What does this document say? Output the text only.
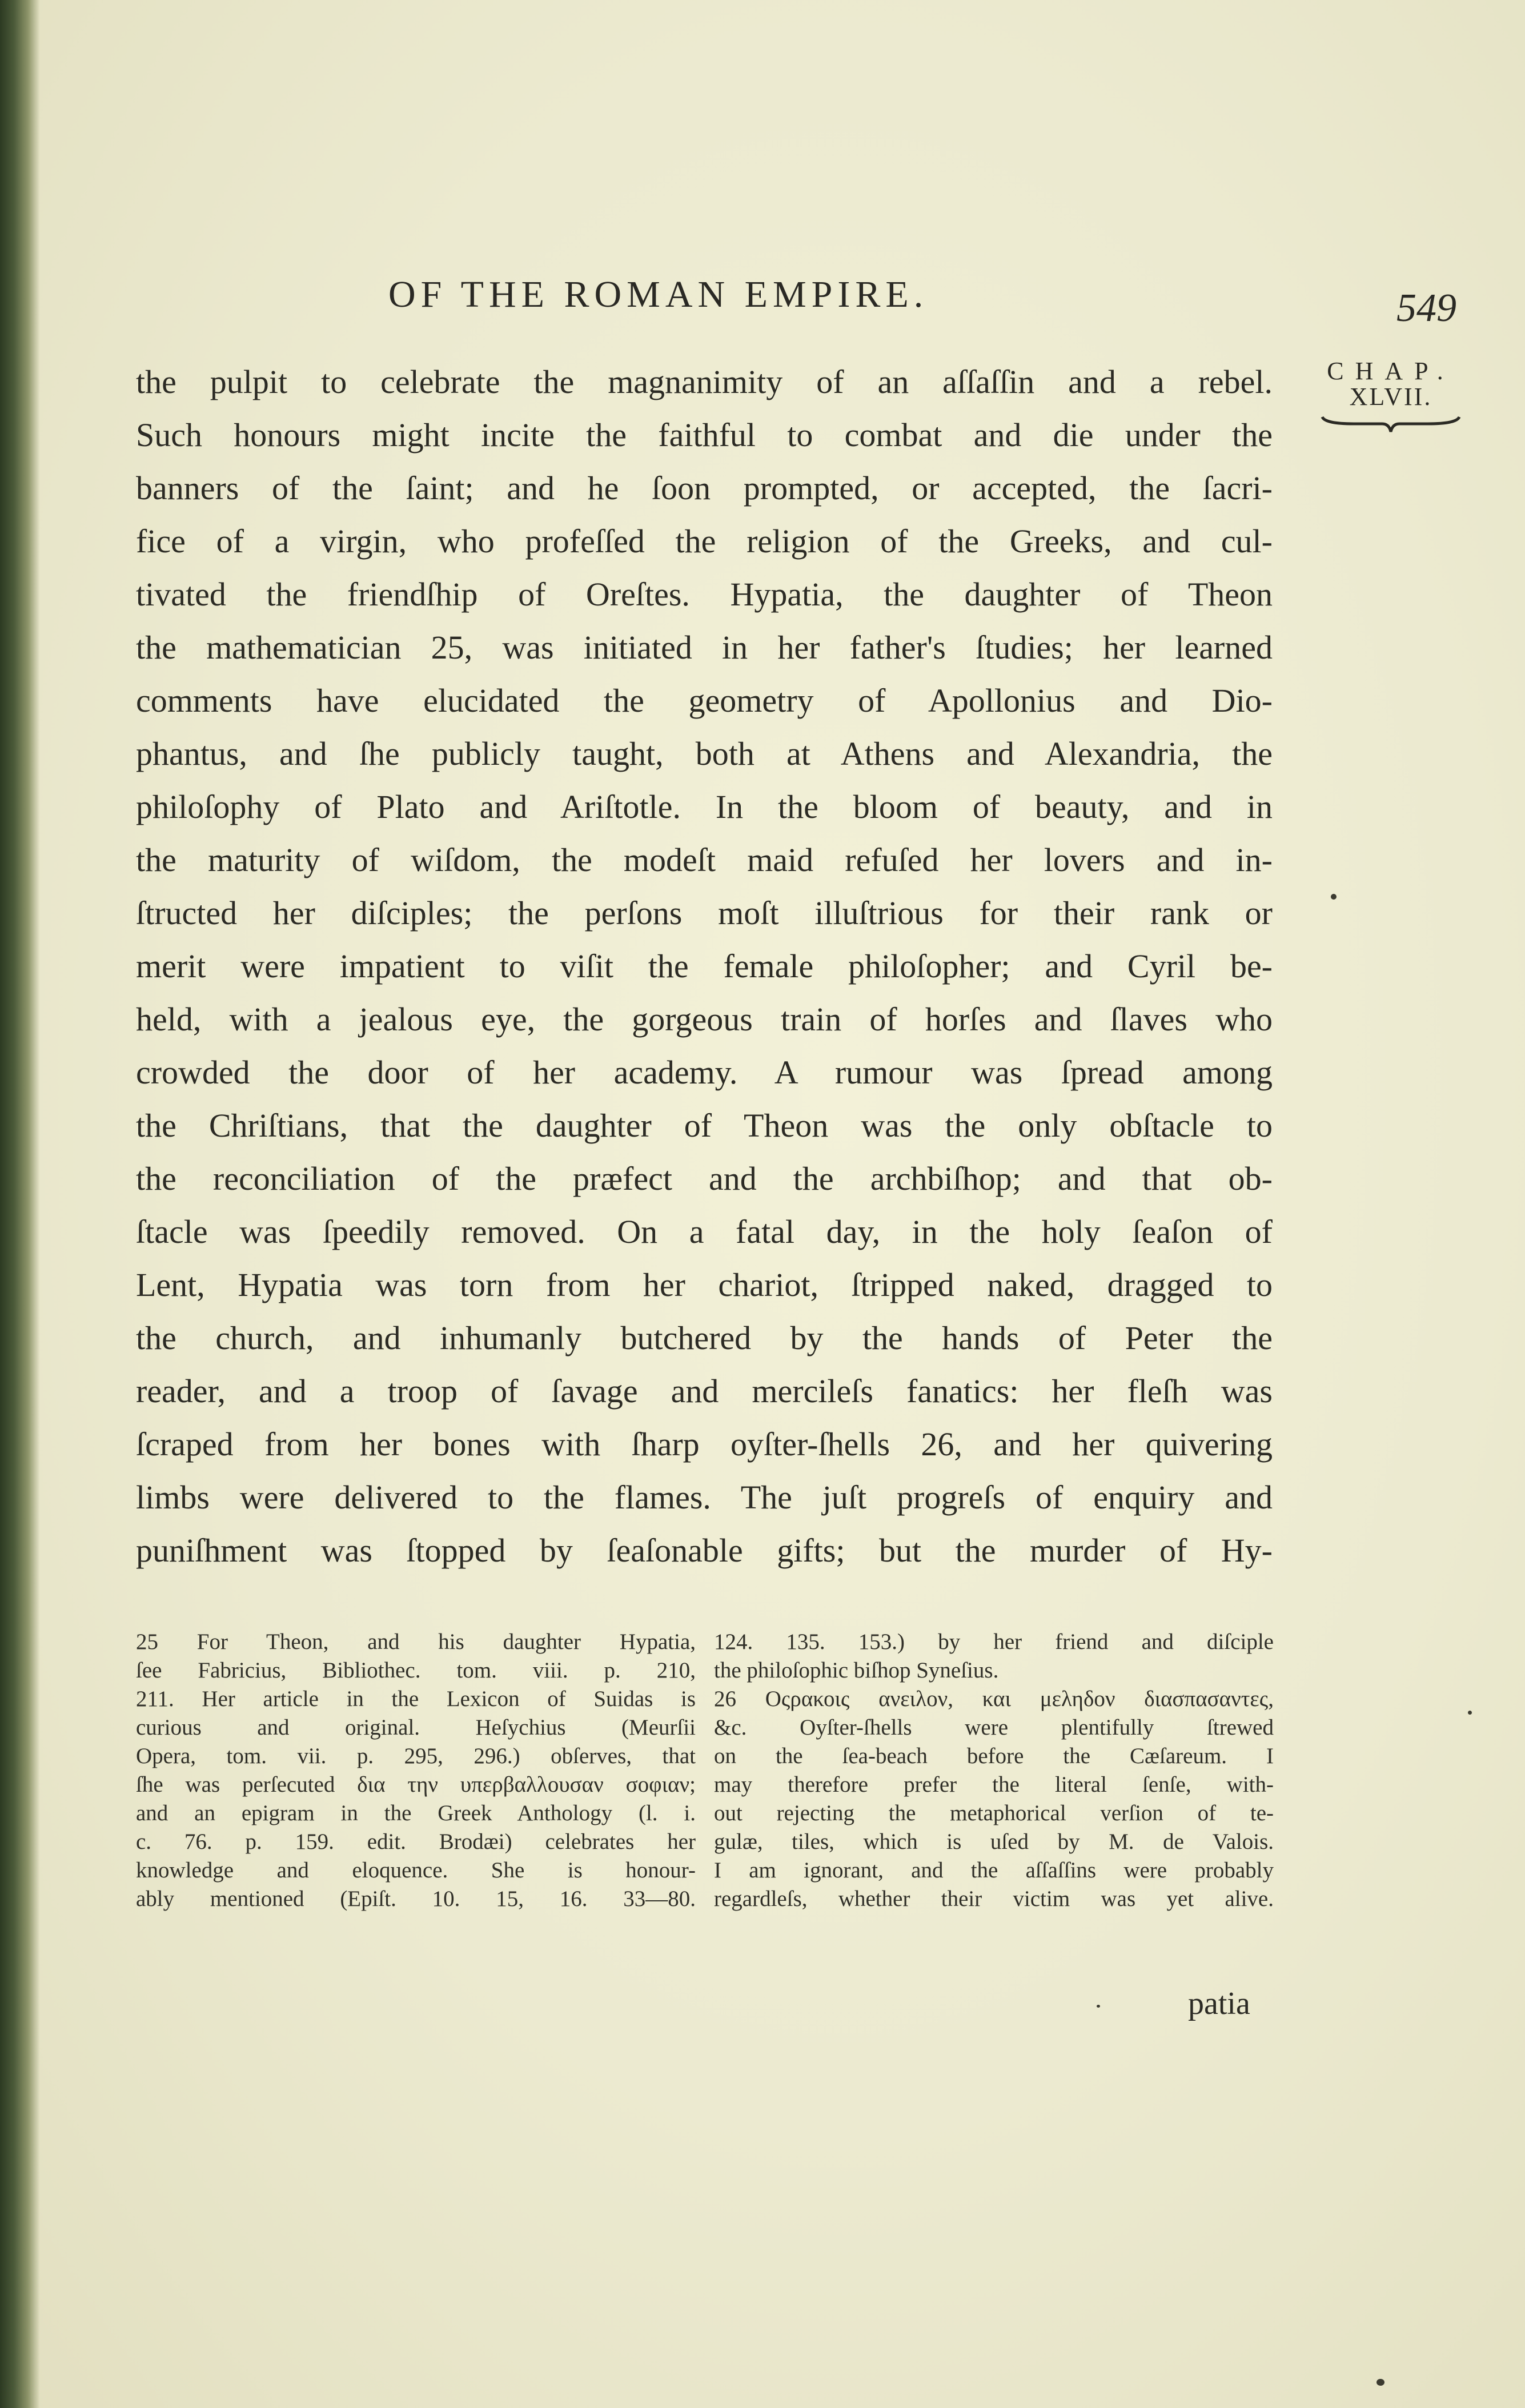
OF THE ROMAN EMPIRE.	549
CHAP.
XLVII.
the pulpit to celebrate the magnanimity of an aſſaſſin and a rebel.
Such honours might incite the faithful to combat and die under the
banners of the ſaint; and he ſoon prompted, or accepted, the ſacri-
fice of a virgin, who profeſſed the religion of the Greeks, and cul-
tivated the friendſhip of Oreſtes. Hypatia, the daughter of Theon
the mathematician 25, was initiated in her father's ſtudies; her learned
comments have elucidated the geometry of Apollonius and Dio-
phantus, and ſhe publicly taught, both at Athens and Alexandria, the
philoſophy of Plato and Ariſtotle. In the bloom of beauty, and in
the maturity of wiſdom, the modeſt maid refuſed her lovers and in-
ſtructed her diſciples; the perſons moſt illuſtrious for their rank or
merit were impatient to viſit the female philoſopher; and Cyril be-
held, with a jealous eye, the gorgeous train of horſes and ſlaves who
crowded the door of her academy. A rumour was ſpread among
the Chriſtians, that the daughter of Theon was the only obſtacle to
the reconciliation of the præfect and the archbiſhop; and that ob-
ſtacle was ſpeedily removed. On a fatal day, in the holy ſeaſon of
Lent, Hypatia was torn from her chariot, ſtripped naked, dragged to
the church, and inhumanly butchered by the hands of Peter the
reader, and a troop of ſavage and mercileſs fanatics: her fleſh was
ſcraped from her bones with ſharp oyſter-ſhells 26, and her quivering
limbs were delivered to the flames. The juſt progreſs of enquiry and
puniſhment was ſtopped by ſeaſonable gifts; but the murder of Hy-
25 For Theon, and his daughter Hypatia,
ſee Fabricius, Bibliothec. tom. viii. p. 210,
211. Her article in the Lexicon of Suidas is
curious and original. Heſychius (Meurſii
Opera, tom. vii. p. 295, 296.) obſerves, that
ſhe was perſecuted δια την υπερβαλλουσαν σοφιαν;
and an epigram in the Greek Anthology (l. i.
c. 76. p. 159. edit. Brodæi) celebrates her
knowledge and eloquence. She is honour-
ably mentioned (Epiſt. 10. 15, 16. 33—80.
124. 135. 153.) by her friend and diſciple
the philoſophic biſhop Syneſius.
26 Οςρακοις ανειλον, και μεληδον διασπασαντες,
&c. Oyſter-ſhells were plentifully ſtrewed
on the ſea-beach before the Cæſareum. I
may therefore prefer the literal ſenſe, with-
out rejecting the metaphorical verſion of te-
gulæ, tiles, which is uſed by M. de Valois.
I am ignorant, and the aſſaſſins were probably
regardleſs, whether their victim was yet alive.
patia
